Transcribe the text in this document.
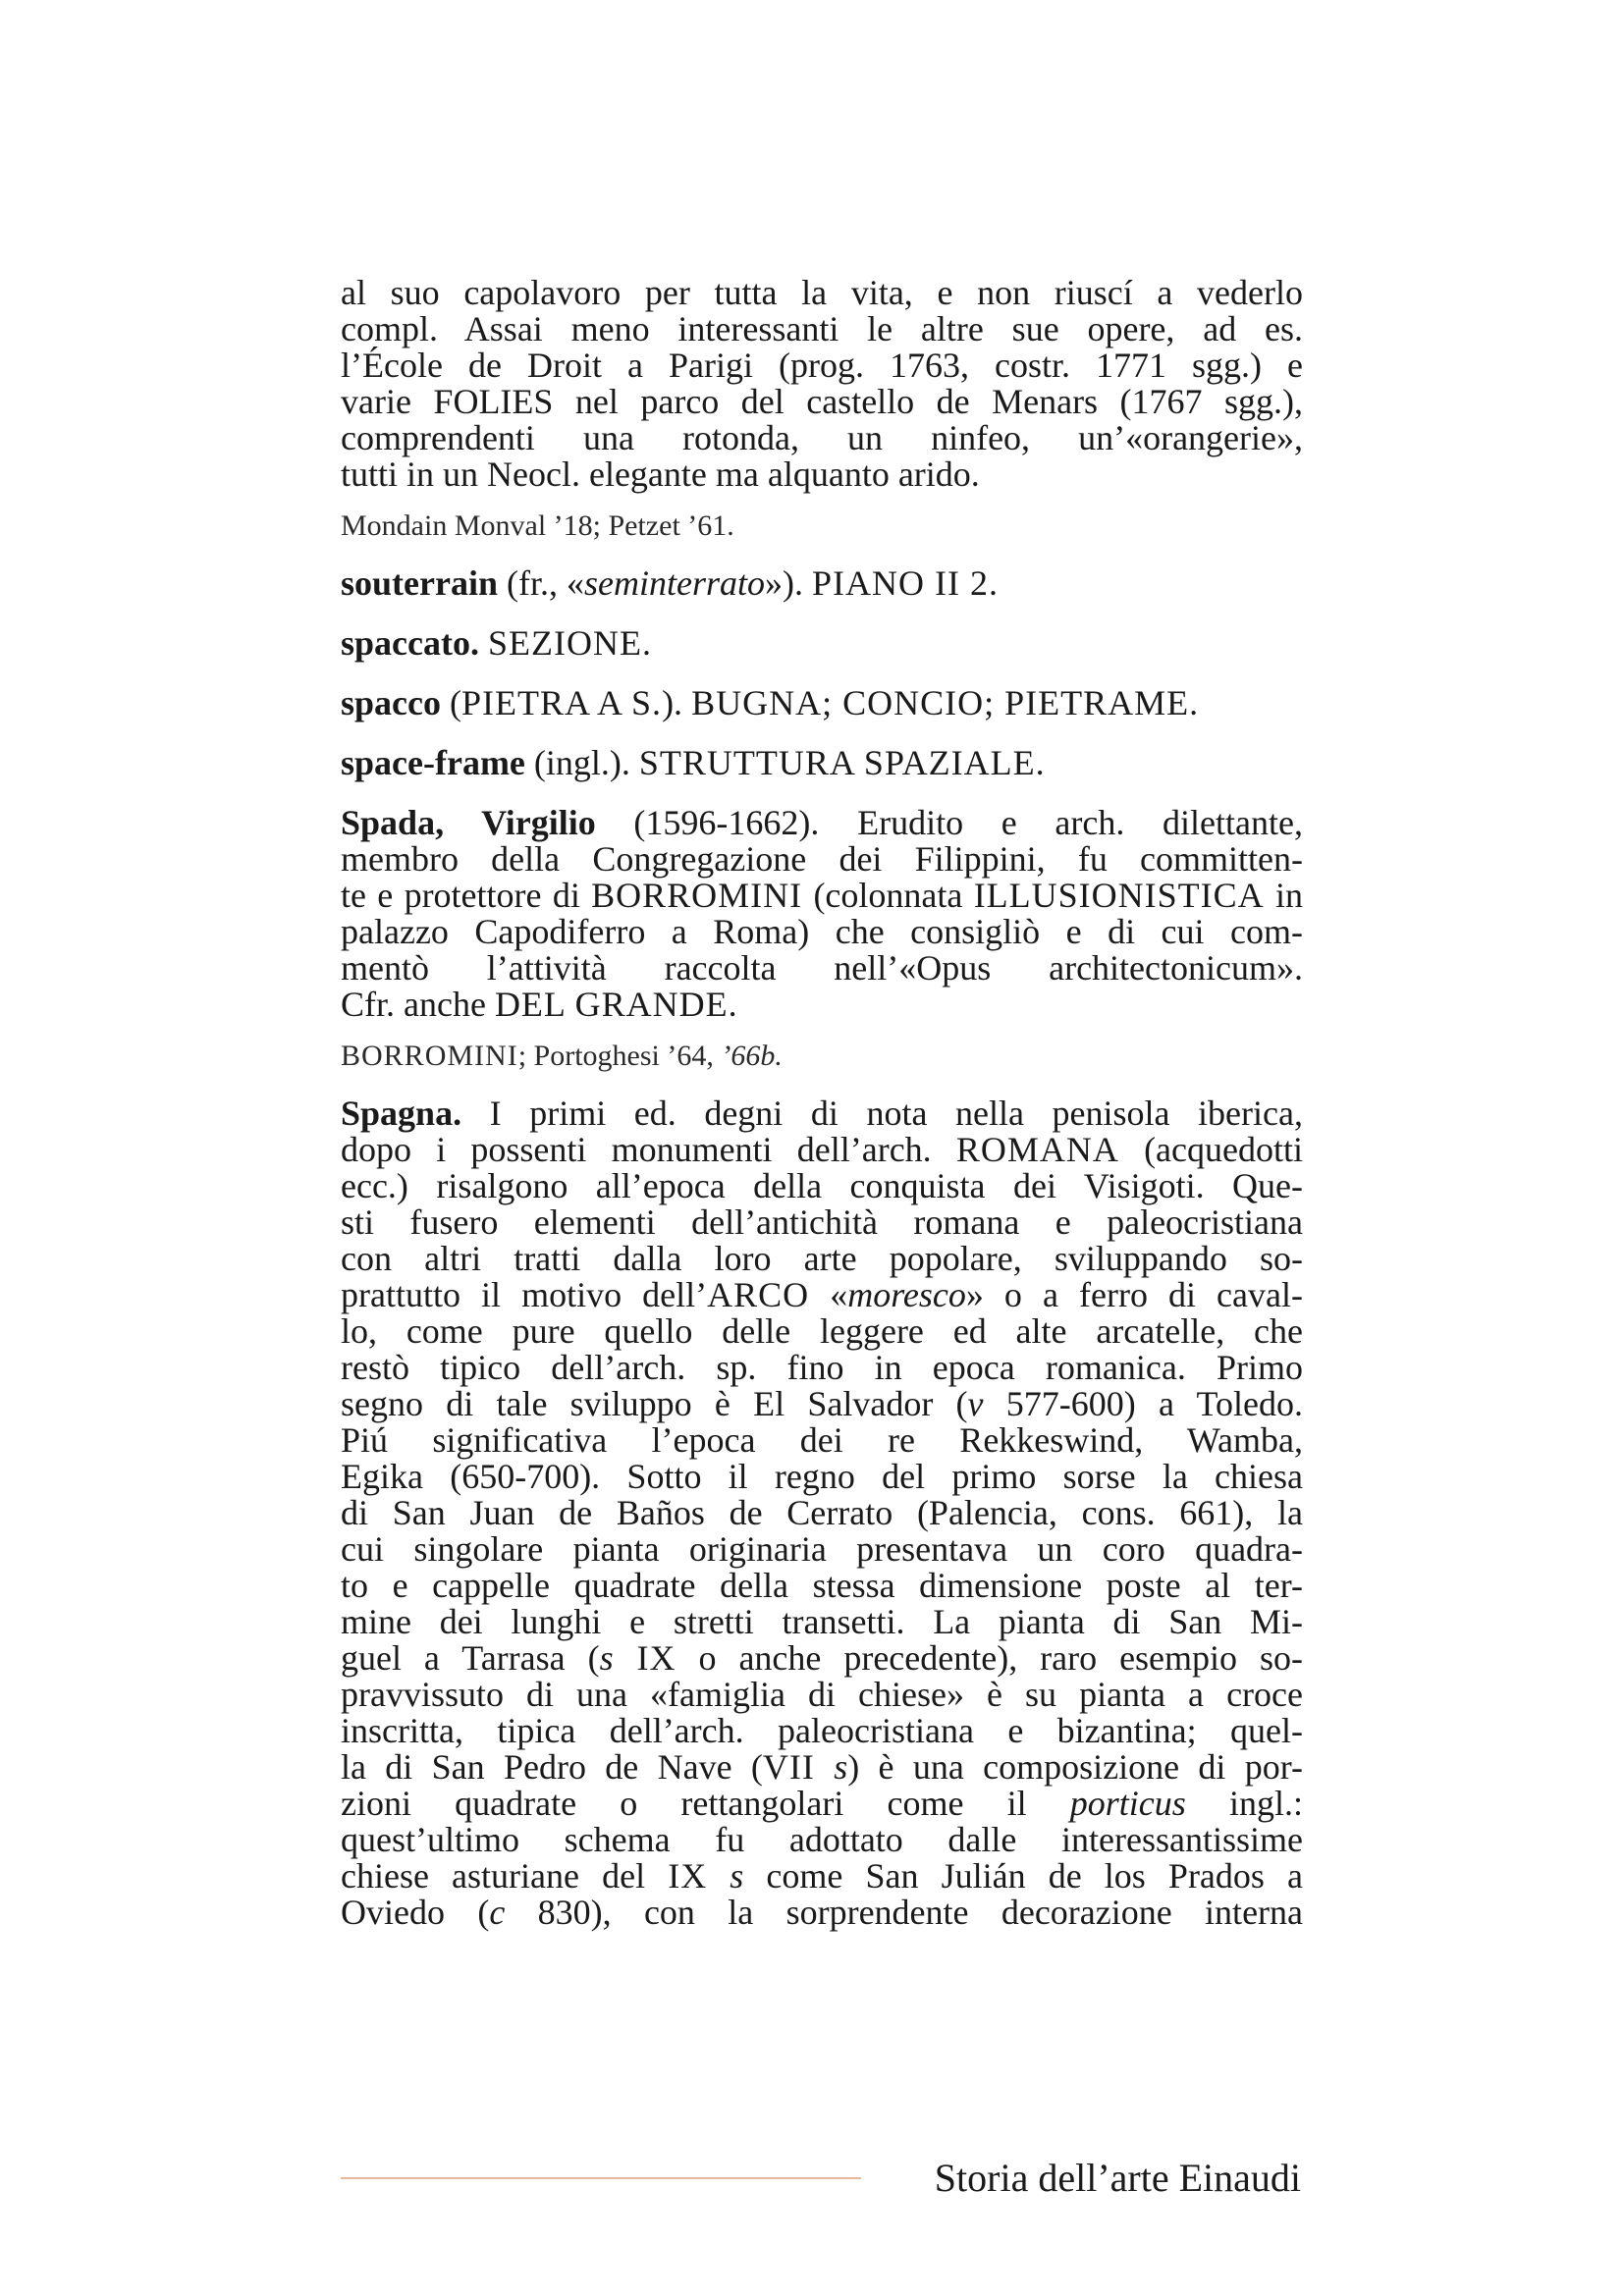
al suo capolavoro per tutta la vita, e non riuscí a vederlo

compl. Assai meno interessanti le altre sue opere, ad es.

l’École de Droit a Parigi (prog. 1763, costr. 1771 sgg.) e

varie FOLIES nel parco del castello de Menars (1767 sgg.),

comprendenti una rotonda, un ninfeo, un’«orangerie»,

tutti in un Neocl. elegante ma alquanto arido.

Mondain Monval ’18; Petzet ’61.

souterrain (fr., «seminterrato»). PIANO II 2.

spaccato. SEZIONE.

spacco (PIETRA A S.). BUGNA; CONCIO; PIETRAME.

space-frame (ingl.). STRUTTURA SPAZIALE.

Spada, Virgilio (1596-1662). Erudito e arch. dilettante,

membro della Congregazione dei Filippini, fu committen-

te e protettore di BORROMINI (colonnata ILLUSIONISTICA in

palazzo Capodiferro a Roma) che consigliò e di cui com-

mentò l’attività raccolta nell’«Opus architectonicum».

Cfr. anche DEL GRANDE.

BORROMINI; Portoghesi ’64, ’66b.

Spagna. I primi ed. degni di nota nella penisola iberica,

dopo i possenti monumenti dell’arch. ROMANA (acquedotti

ecc.) risalgono all’epoca della conquista dei Visigoti. Que-

sti fusero elementi dell’antichità romana e paleocristiana

con altri tratti dalla loro arte popolare, sviluppando so-

prattutto il motivo dell’ARCO «moresco» o a ferro di caval-

lo, come pure quello delle leggere ed alte arcatelle, che

restò tipico dell’arch. sp. fino in epoca romanica. Primo

segno di tale sviluppo è El Salvador (v 577-600) a Toledo.

Piú significativa l’epoca dei re Rekkeswind, Wamba,

Egika (650-700). Sotto il regno del primo sorse la chiesa

di San Juan de Baños de Cerrato (Palencia, cons. 661), la

cui singolare pianta originaria presentava un coro quadra-

to e cappelle quadrate della stessa dimensione poste al ter-

mine dei lunghi e stretti transetti. La pianta di San Mi-

guel a Tarrasa (s IX o anche precedente), raro esempio so-

pravvissuto di una «famiglia di chiese» è su pianta a croce

inscritta, tipica dell’arch. paleocristiana e bizantina; quel-

la di San Pedro de Nave (VII s) è una composizione di por-

zioni quadrate o rettangolari come il porticus ingl.:

quest’ultimo schema fu adottato dalle interessantissime

chiese asturiane del IX s come San Julián de los Prados a

Oviedo (c 830), con la sorprendente decorazione interna

Storia dell’arte Einaudi
